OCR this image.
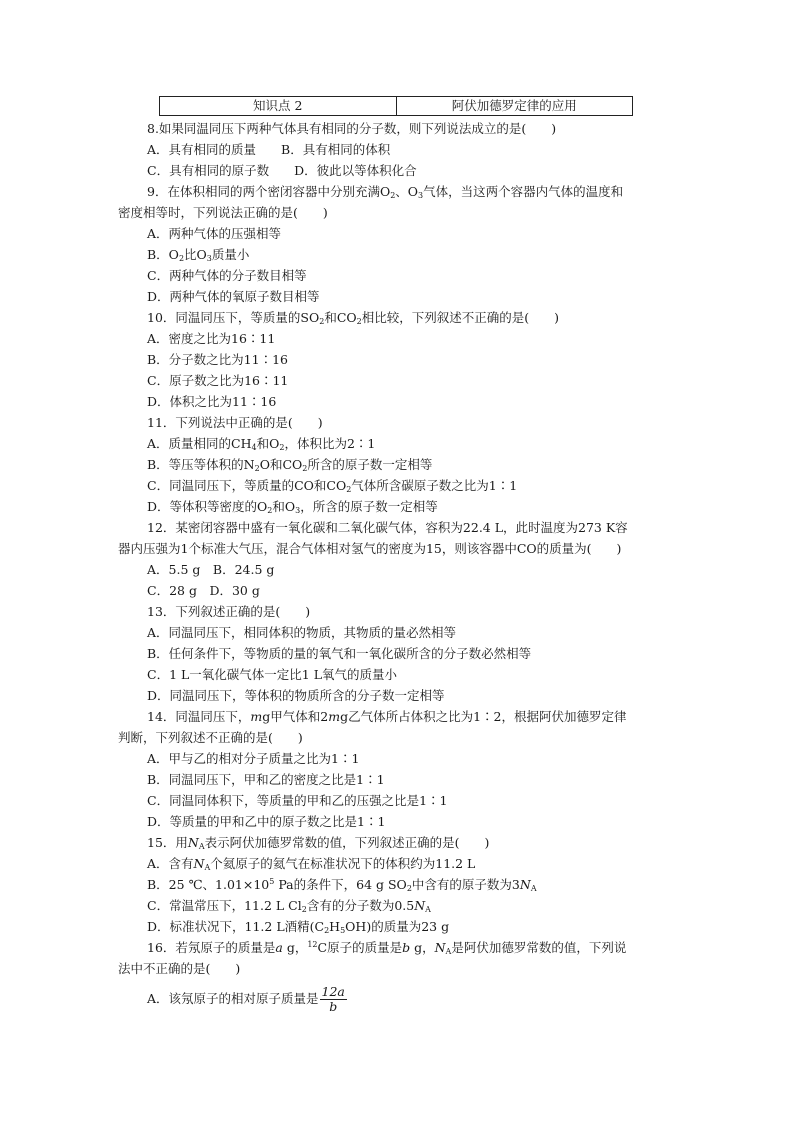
知识点 2	阿伏加德罗定律的应用
8.如果同温同压下两种气体具有相同的分子数，则下列说法成立的是(　　)
A．具有相同的质量　　B．具有相同的体积
C．具有相同的原子数　　D．彼此以等体积化合
9．在体积相同的两个密闭容器中分别充满$O_2$、$O_3$气体，当这两个容器内气体的温度和
密度相等时，下列说法正确的是(　　)
A．两种气体的压强相等
B．$O_2$比$O_3$质量小
C．两种气体的分子数目相等
D．两种气体的氧原子数目相等
10．同温同压下，等质量的$SO_2$和$CO_2$相比较，下列叙述不正确的是(　　)
A．密度之比为16∶11
B．分子数之比为11∶16
C．原子数之比为16∶11
D．体积之比为11∶16
11．下列说法中正确的是(　　)
A．质量相同的$CH_4$和$O_2$，体积比为2∶1
B．等压等体积的$N_2O$和$CO_2$所含的原子数一定相等
C．同温同压下，等质量的CO和$CO_2$气体所含碳原子数之比为1∶1
D．等体积等密度的$O_2$和$O_3$，所含的原子数一定相等
12．某密闭容器中盛有一氧化碳和二氧化碳气体，容积为22.4 L，此时温度为273 K容
器内压强为1个标准大气压，混合气体相对氢气的密度为15，则该容器中CO的质量为(　　)
A．5.5 g　B．24.5 g
C．28 g　D．30 g
13．下列叙述正确的是(　　)
A．同温同压下，相同体积的物质，其物质的量必然相等
B．任何条件下，等物质的量的氧气和一氧化碳所含的分子数必然相等
C．1 L一氧化碳气体一定比1 L氧气的质量小
D．同温同压下，等体积的物质所含的分子数一定相等
14．同温同压下，mg甲气体和2mg乙气体所占体积之比为1∶2，根据阿伏加德罗定律
判断，下列叙述不正确的是(　　)
A．甲与乙的相对分子质量之比为1∶1
B．同温同压下，甲和乙的密度之比是1∶1
C．同温同体积下，等质量的甲和乙的压强之比是1∶1
D．等质量的甲和乙中的原子数之比是1∶1
15．用$N_A$表示阿伏加德罗常数的值，下列叙述正确的是(　　)
A．含有$N_A$个氦原子的氦气在标准状况下的体积约为11.2 L
B．25 ℃、$1.01\times 10^5$ Pa的条件下，64 g $SO_2$中含有的原子数为$3N_A$
C．常温常压下，11.2 L $Cl_2$含有的分子数为$0.5N_A$
D．标准状况下，11.2 L酒精$(C_2H_5OH)$的质量为23 g
16．若氖原子的质量是a g，$^{12}$C原子的质量是b g，$N_A$是阿伏加德罗常数的值，下列说
法中不正确的是(　　)
A．该氖原子的相对原子质量是 $\frac{12a}{b}$
